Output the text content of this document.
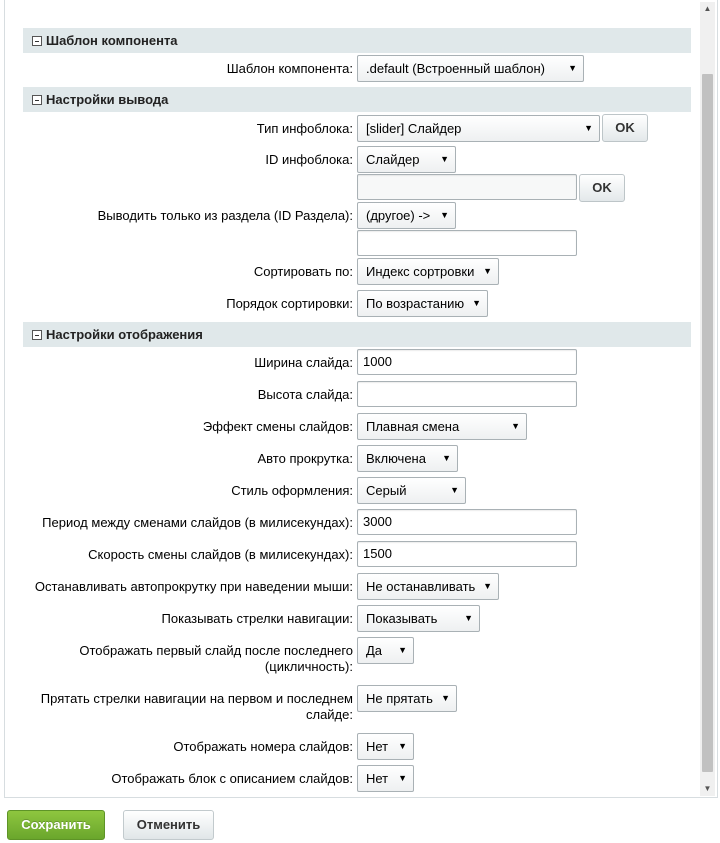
▲
▼
Шаблон компонента
Шаблон компонента:	.default (Встроенный шаблон)	▼
Настройки вывода
Тип инфоблока:	[slider] Слайдер	▼	OK
ID инфоблока:	Слайдер ▼
OK
Выводить только из раздела (ID Раздела):	(другое) -> ▼
Сортировать по:	Индекс сортровки ▼
Порядок сортировки:	По возрастанию ▼
Настройки отображения
Ширина слайда: 1000
Высота слайда:
Эффект смены слайдов:	Плавная смена	▼
Авто прокрутка:	Включена ▼
Стиль оформления:	Серый	▼
Период между сменами слайдов (в милисекундах): 3000
Скорость смены слайдов (в милисекундах): 1500
Останавливать автопрокрутку при наведении мыши:	Не останавливать ▼
Показывать стрелки навигации:	Показывать	▼
Отображать первый слайд после последнего
(цикличность):
Да ▼
Прятать стрелки навигации на первом и последнем
слайде:
Не прятать ▼
Отображать номера слайдов:	Нет ▼
Отображать блок с описанием слайдов:	Нет ▼
Сохранить	Отменить
